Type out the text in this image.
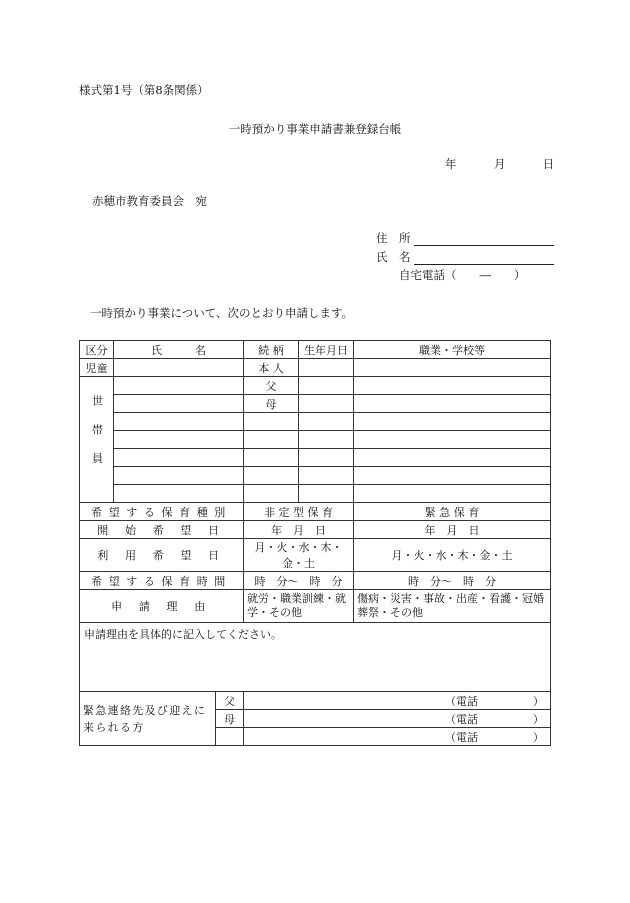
様式第1号（第8条関係）
一時預かり事業申請書兼登録台帳
年	月	日
赤穂市教育委員会　宛
住　所
氏　名
自宅電話（　　―　　）
一時預かり事業について、次のとおり申請します。
区分	氏　　　名		続 柄	生年月日	職業・学校等
児童			本 人		
世帯員			父		
			母		

希望する保育種別			非 定 型 保 育		緊 急 保 育
開 始 希 望 日			年　月　日		年　月　日
利 用 希 望 日			月・火・水・木・金・土		月・火・水・木・金・土
希望する保育時間			時　分～　時　分		時　分～　時　分
申 請 理 由			就労・職業訓練・就学・その他		傷病・災害・事故・出産・看護・冠婚葬祭・その他
申請理由を具体的に記入してください。					
緊急連絡先及び迎えに来られる方		父	（電話　　　　　）		
		母	（電話　　　　　）		
			（電話　　　　　）		
